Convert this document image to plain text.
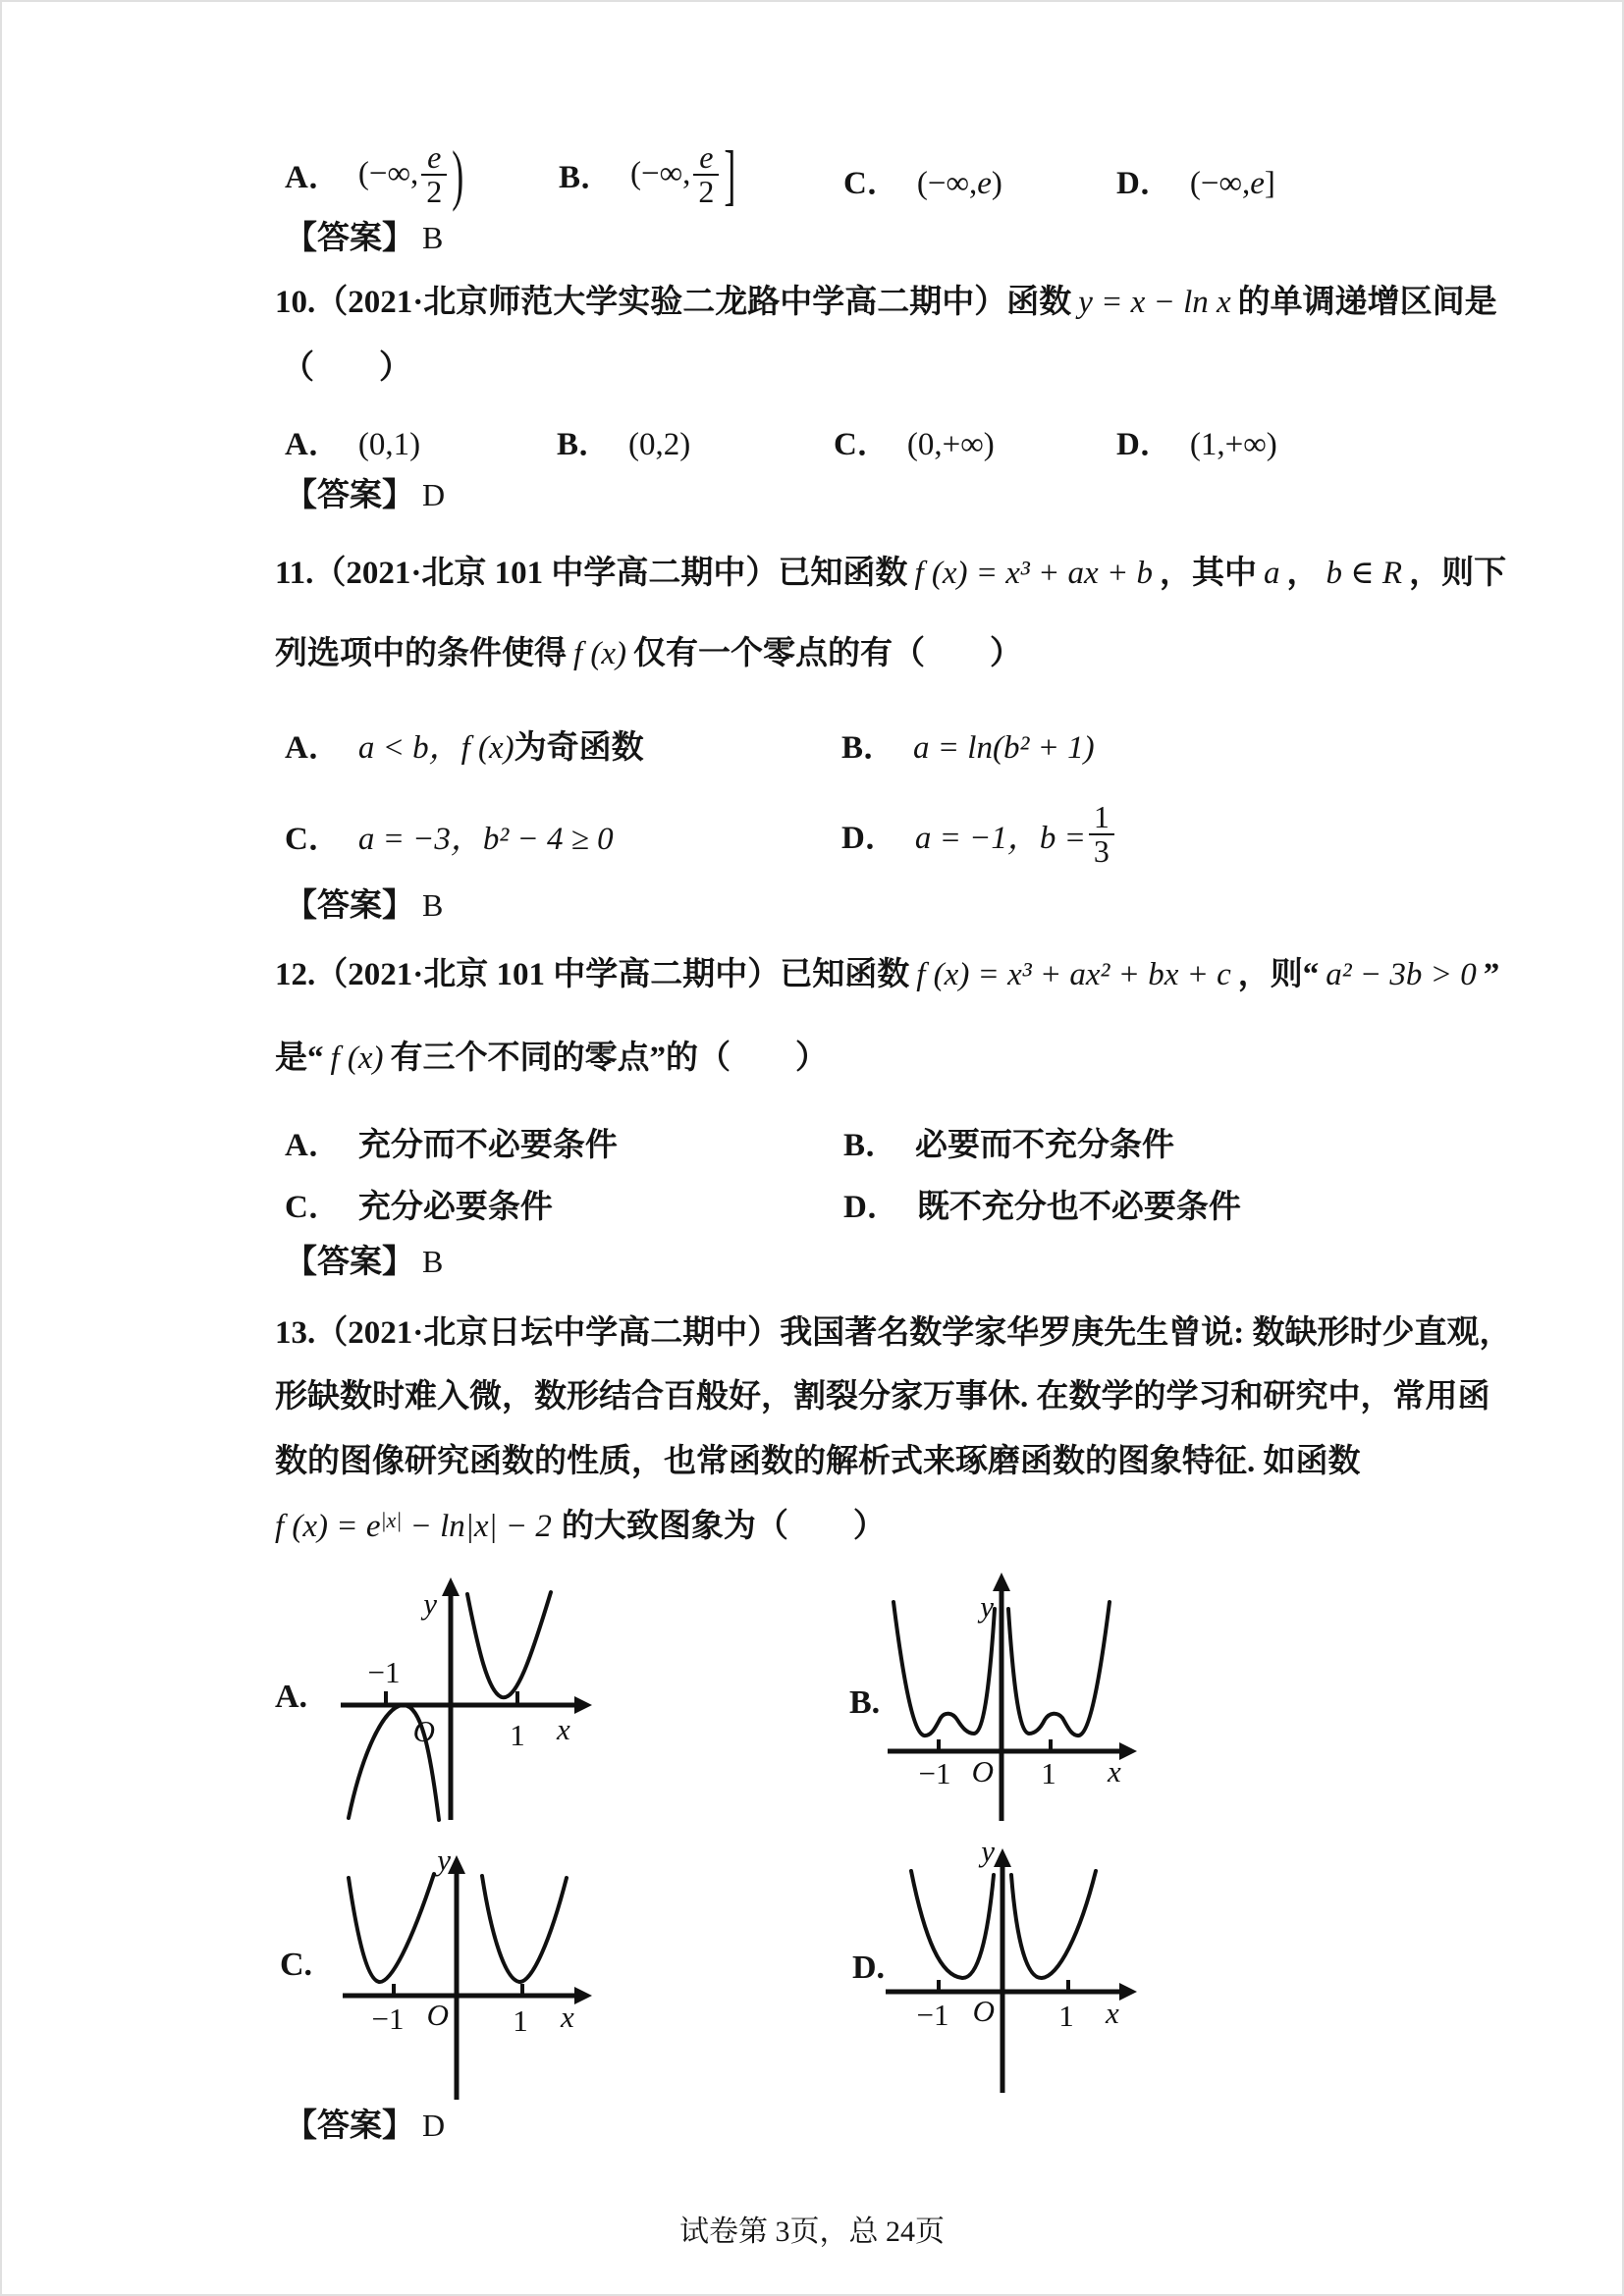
A． (−∞, $\frac{e}{2}$ )	B． (−∞, $\frac{e}{2}$ ]	C． (−∞,e)	D． (−∞,e]
【答案】 B
10.（2021·北京师范大学实验二龙路中学高二期中）函数 y = x − ln x 的单调递增区间是
（　　）
A． (0,1)	B． (0,2)	C． (0,+∞)	D． (1,+∞)
【答案】 D
11.（2021·北京 101 中学高二期中）已知函数 f (x) = x³ + ax + b ，其中 a ， b ∈ R ，则下
列选项中的条件使得 f (x) 仅有一个零点的有（　　）
A． a < b，f (x)为奇函数	B． a = ln(b² + 1)
C． a = −3，b² − 4 ≥ 0	D． a = −1，$b = \frac{1}{3}$
【答案】 B
12.（2021·北京 101 中学高二期中）已知函数 f (x) = x³ + ax² + bx + c ，则“ a² − 3b > 0 ”
是“ f (x) 有三个不同的零点”的（　　）
A． 充分而不必要条件	B． 必要而不充分条件
C． 充分必要条件	D． 既不充分也不必要条件
【答案】 B
13.（2021·北京日坛中学高二期中）我国著名数学家华罗庚先生曾说: 数缺形时少直观，
形缺数时难入微，数形结合百般好，割裂分家万事休. 在数学的学习和研究中，常用函
数的图像研究函数的性质，也常函数的解析式来琢磨函数的图象特征. 如函数
f (x) = e|x| − ln|x| − 2 的大致图象为（　　）
A.
y
−1
O 1 x
B.
y
−1 O 1 x
C.
y
−1 O 1 x
D.
y
−1 O 1 x
【答案】 D
试卷第 3页，总 24页
